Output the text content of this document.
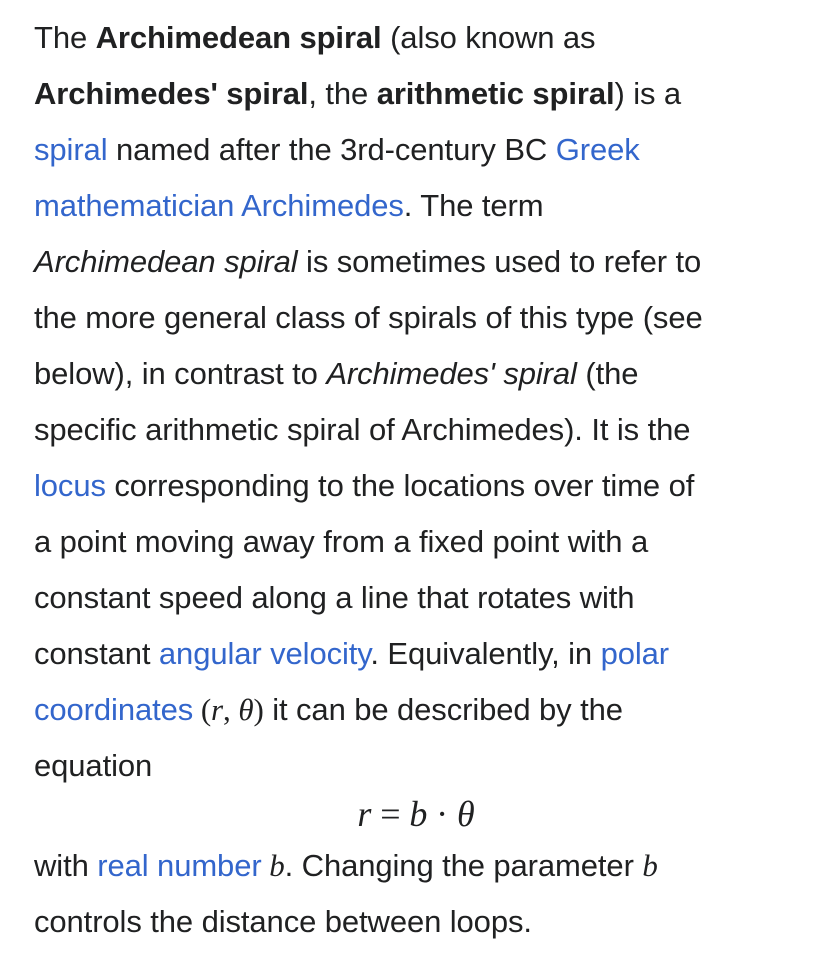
The Archimedean spiral (also known as
Archimedes' spiral, the arithmetic spiral) is a
spiral named after the 3rd-century BC Greek
mathematician Archimedes. The term
Archimedean spiral is sometimes used to refer to
the more general class of spirals of this type (see
below), in contrast to Archimedes' spiral (the
specific arithmetic spiral of Archimedes). It is the
locus corresponding to the locations over time of
a point moving away from a fixed point with a
constant speed along a line that rotates with
constant angular velocity. Equivalently, in polar
coordinates (r, θ) it can be described by the
equation
r = b · θ
with real number b. Changing the parameter b
controls the distance between loops.
